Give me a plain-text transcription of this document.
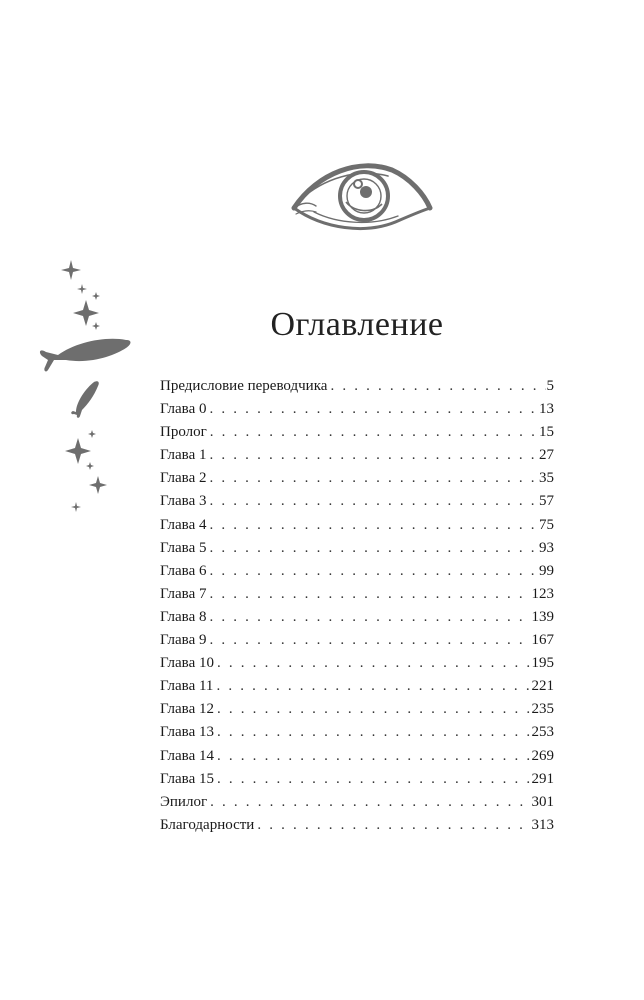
Оглавление
Предисловие переводчика . . .	5
Глава 0 . . .	13
Пролог . . .	15
Глава 1 . . .	27
Глава 2 . . .	35
Глава 3 . . .	57
Глава 4 . . .	75
Глава 5 . . .	93
Глава 6 . . .	99
Глава 7 . . .	123
Глава 8 . . .	139
Глава 9 . . .	167
Глава 10 . . .	195
Глава 11 . . .	221
Глава 12 . . .	235
Глава 13 . . .	253
Глава 14 . . .	269
Глава 15 . . .	291
Эпилог . . .	301
Благодарности . . .	313
